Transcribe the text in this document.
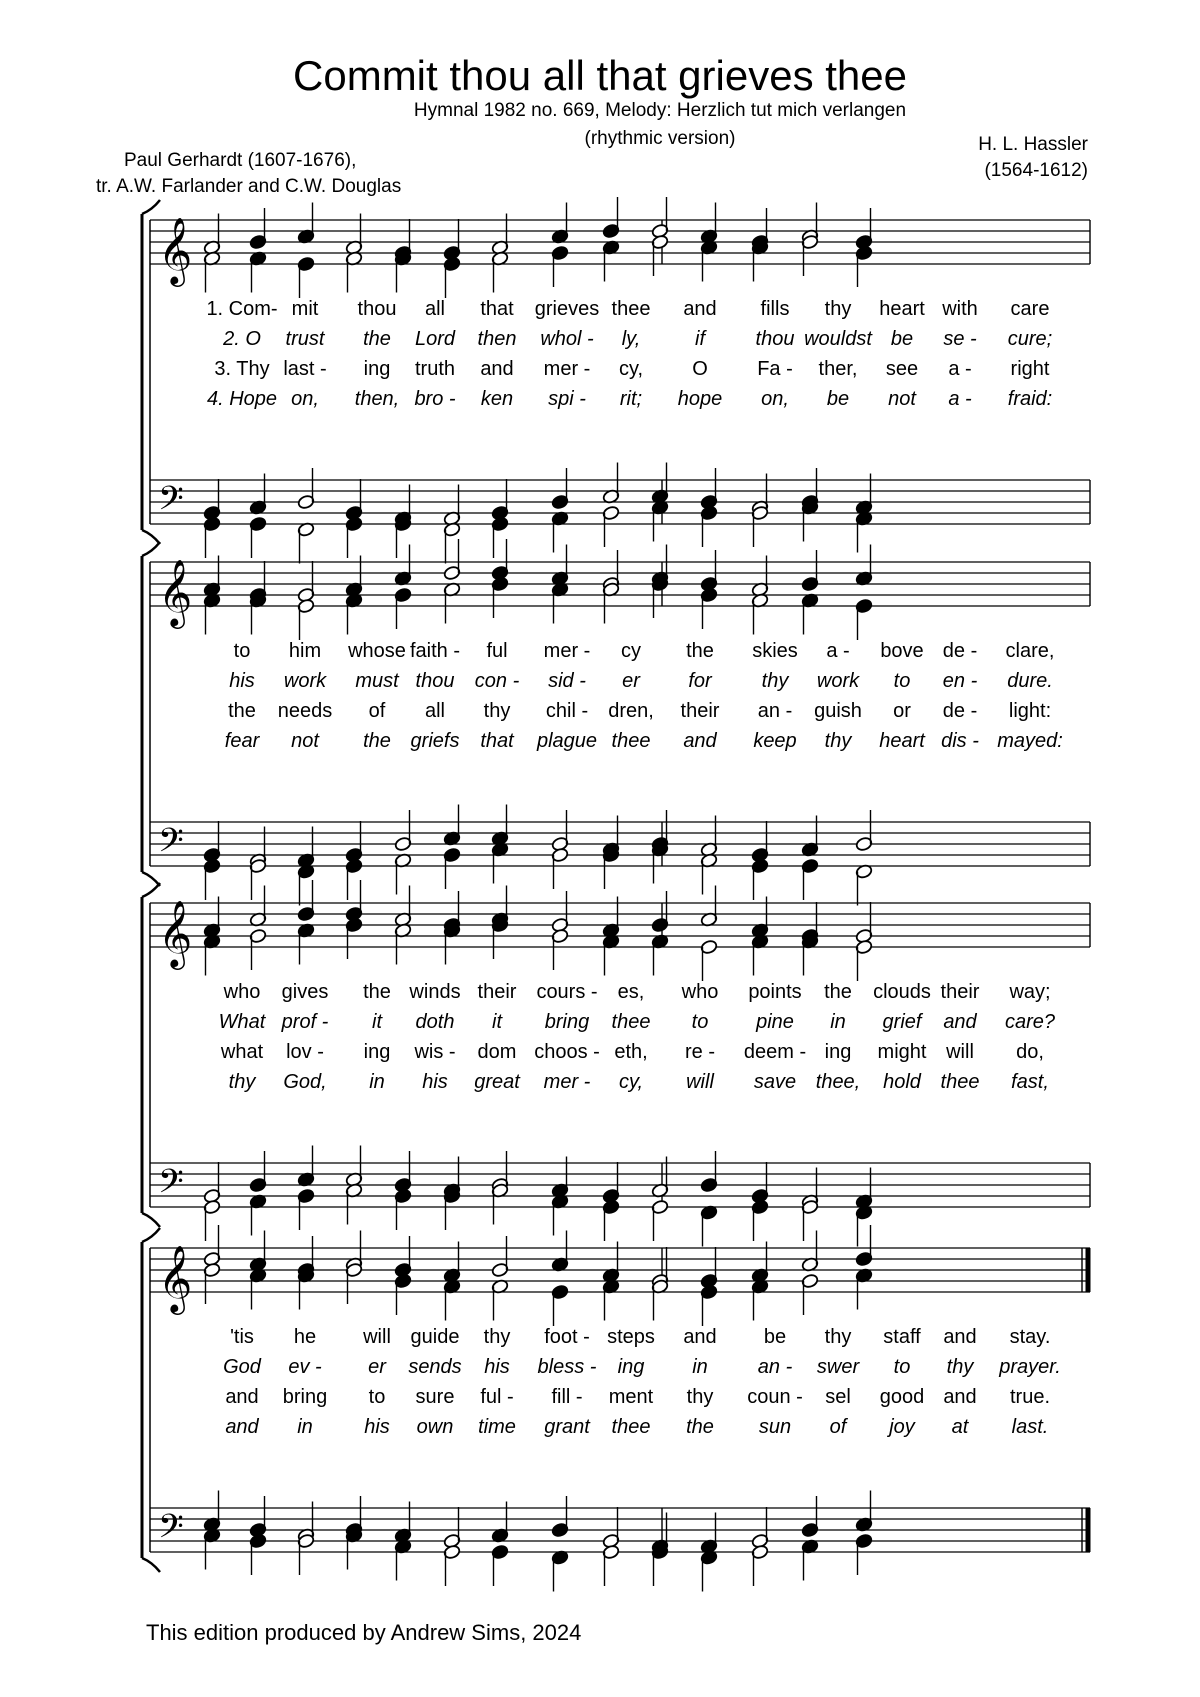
Commit thou all that grieves thee
Hymnal 1982 no. 669, Melody: Herzlich tut mich verlangen
(rhythmic version)
Paul Gerhardt (1607-1676),
tr. A.W. Farlander and C.W. Douglas
H. L. Hassler
(1564-1612)
𝄞
𝄢
1. Com- mit thou all that grieves thee and fills thy heart with care
2. O trust the Lord then whol - ly,	if	thou wouldst be se - cure;
3. Thy last - ing truth and mer - cy, O Fa - ther, see a - right
4. Hope on, then, bro - ken spi - rit; hope on, be not a - fraid:
𝄞
𝄢
to him whose faith - ful mer - cy the skies a - bove de - clare,
his work must thou con - sid - er for thy work to en - dure.
the needs of all thy chil - dren, their an - guish or de - light:
fear not the griefs that plague thee and keep thy heart dis - mayed:
𝄞
𝄢
who gives the winds their cours - es, who points the clouds their way;
What prof - it doth it bring thee to pine in grief and care?
what lov - ing wis - dom choos - eth, re - deem - ing might will do,
thy God, in his great mer - cy, will save thee, hold thee fast,
𝄞
𝄢
'tis he will guide thy foot - steps and be thy staff and stay.
God ev - er sends his bless - ing in an - swer to thy prayer.
and bring to sure ful - fill - ment thy coun - sel good and true.
and in	his own time grant thee the sun of joy at last.
This edition produced by Andrew Sims, 2024
